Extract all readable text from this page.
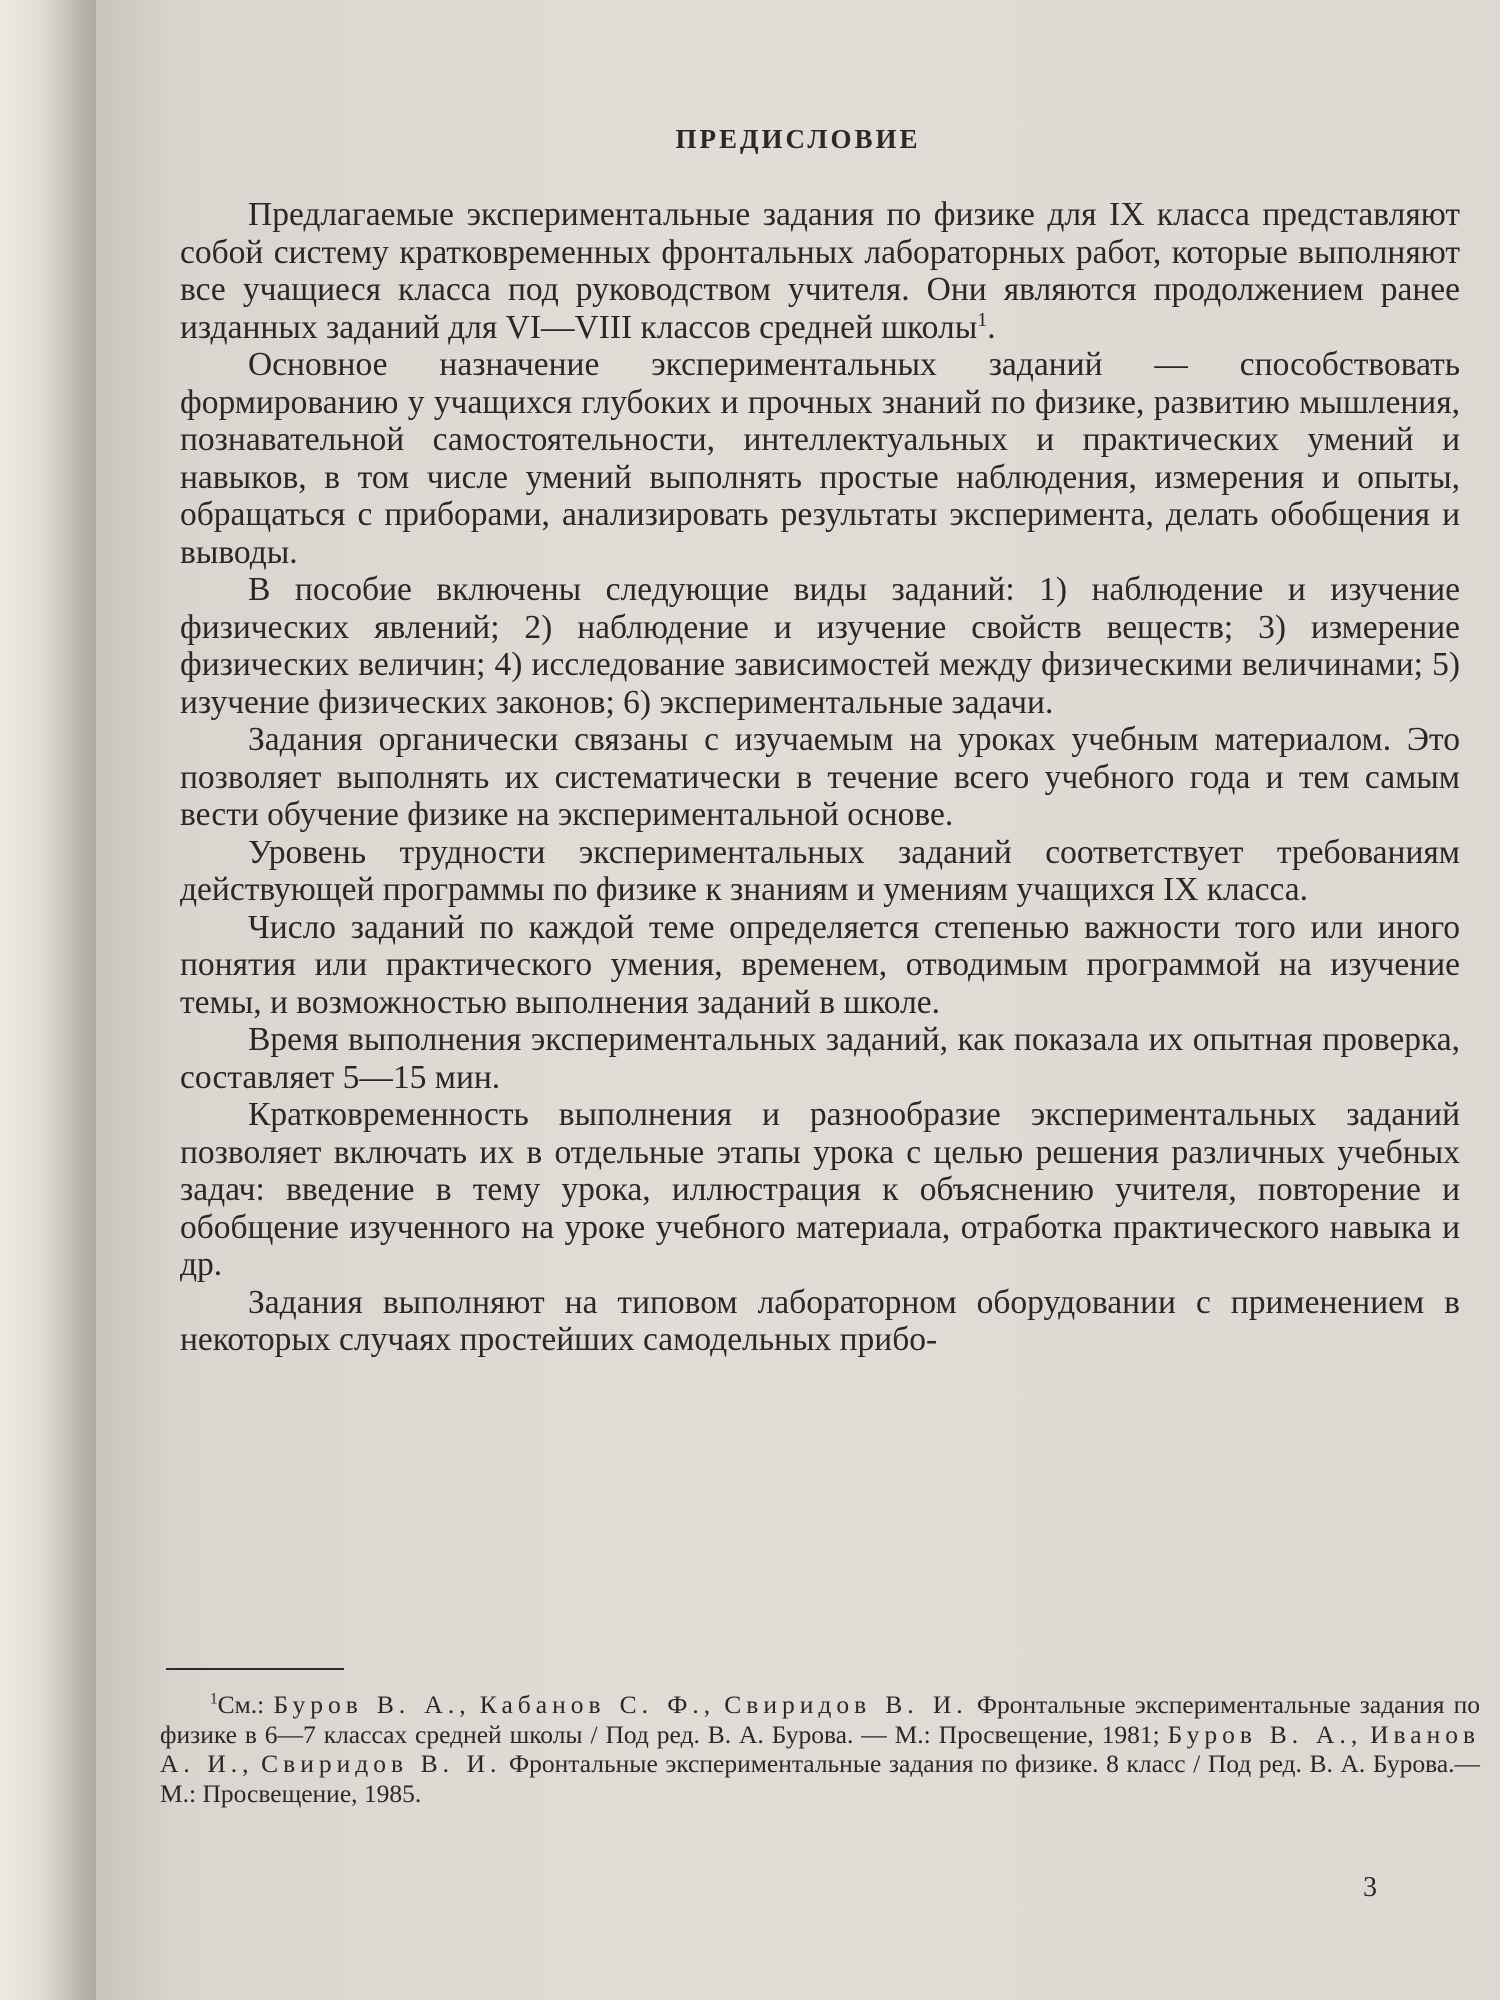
ПРЕДИСЛОВИЕ

Предлагаемые экспериментальные задания по физике для IX класса представляют собой систему кратковременных фронтальных лабораторных работ, которые выполняют все учащиеся класса под руководством учителя. Они являются продолжением ранее изданных заданий для VI—VIII классов средней школы$^1$.

Основное назначение экспериментальных заданий — способствовать формированию у учащихся глубоких и прочных знаний по физике, развитию мышления, познавательной самостоятельности, интеллектуальных и практических умений и навыков, в том числе умений выполнять простые наблюдения, измерения и опыты, обращаться с приборами, анализировать результаты эксперимента, делать обобщения и выводы.

В пособие включены следующие виды заданий: 1) наблюдение и изучение физических явлений; 2) наблюдение и изучение свойств веществ; 3) измерение физических величин; 4) исследование зависимостей между физическими величинами; 5) изучение физических законов; 6) экспериментальные задачи.

Задания органически связаны с изучаемым на уроках учебным материалом. Это позволяет выполнять их систематически в течение всего учебного года и тем самым вести обучение физике на экспериментальной основе.

Уровень трудности экспериментальных заданий соответствует требованиям действующей программы по физике к знаниям и умениям учащихся IX класса.

Число заданий по каждой теме определяется степенью важности того или иного понятия или практического умения, временем, отводимым программой на изучение темы, и возможностью выполнения заданий в школе.

Время выполнения экспериментальных заданий, как показала их опытная проверка, составляет 5—15 мин.

Кратковременность выполнения и разнообразие экспериментальных заданий позволяет включать их в отдельные этапы урока с целью решения различных учебных задач: введение в тему урока, иллюстрация к объяснению учителя, повторение и обобщение изученного на уроке учебного материала, отработка практического навыка и др.

Задания выполняют на типовом лабораторном оборудовании с применением в некоторых случаях простейших самодельных прибо-

$^1$См.: Буров В. А., Кабанов С. Ф., Свиридов В. И. Фронтальные экспериментальные задания по физике в 6—7 классах средней школы / Под ред. В. А. Бурова. — М.: Просвещение, 1981; Буров В. А., Иванов А. И., Свиридов В. И. Фронтальные экспериментальные задания по физике. 8 класс / Под ред. В. А. Бурова.— М.: Просвещение, 1985.
3
